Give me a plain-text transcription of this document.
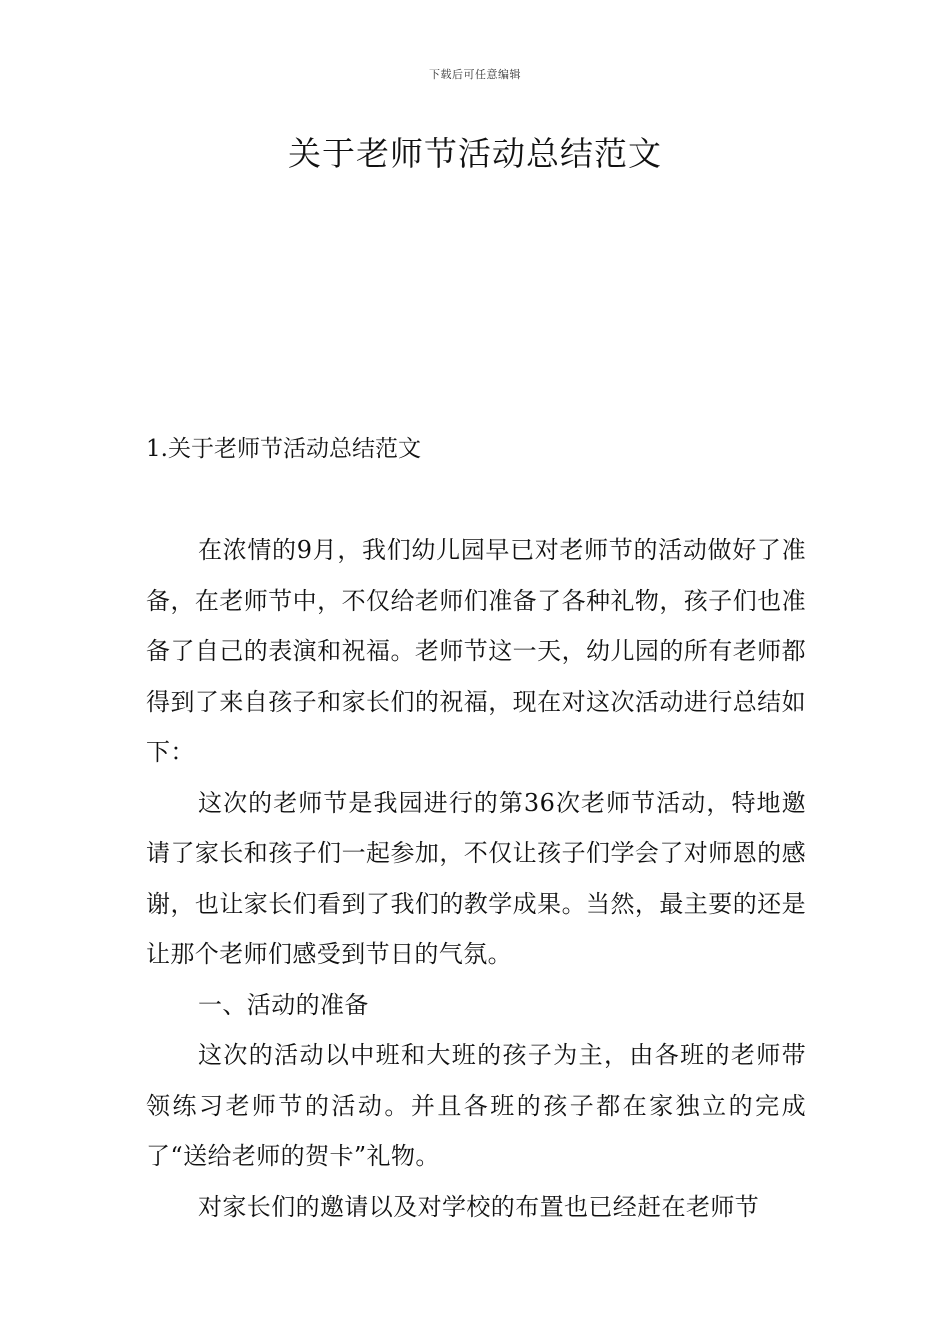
下载后可任意编辑
关于老师节活动总结范文
1.关于老师节活动总结范文

在浓情的9月，我们幼儿园早已对老师节的活动做好了准备，在老师节中，不仅给老师们准备了各种礼物，孩子们也准备了自己的表演和祝福。老师节这一天，幼儿园的所有老师都得到了来自孩子和家长们的祝福，现在对这次活动进行总结如下：

这次的老师节是我园进行的第36次老师节活动，特地邀请了家长和孩子们一起参加，不仅让孩子们学会了对师恩的感谢，也让家长们看到了我们的教学成果。当然，最主要的还是让那个老师们感受到节日的气氛。

一、活动的准备

这次的活动以中班和大班的孩子为主，由各班的老师带领练习老师节的活动。并且各班的孩子都在家独立的完成了“送给老师的贺卡”礼物。

对家长们的邀请以及对学校的布置也已经赶在老师节
